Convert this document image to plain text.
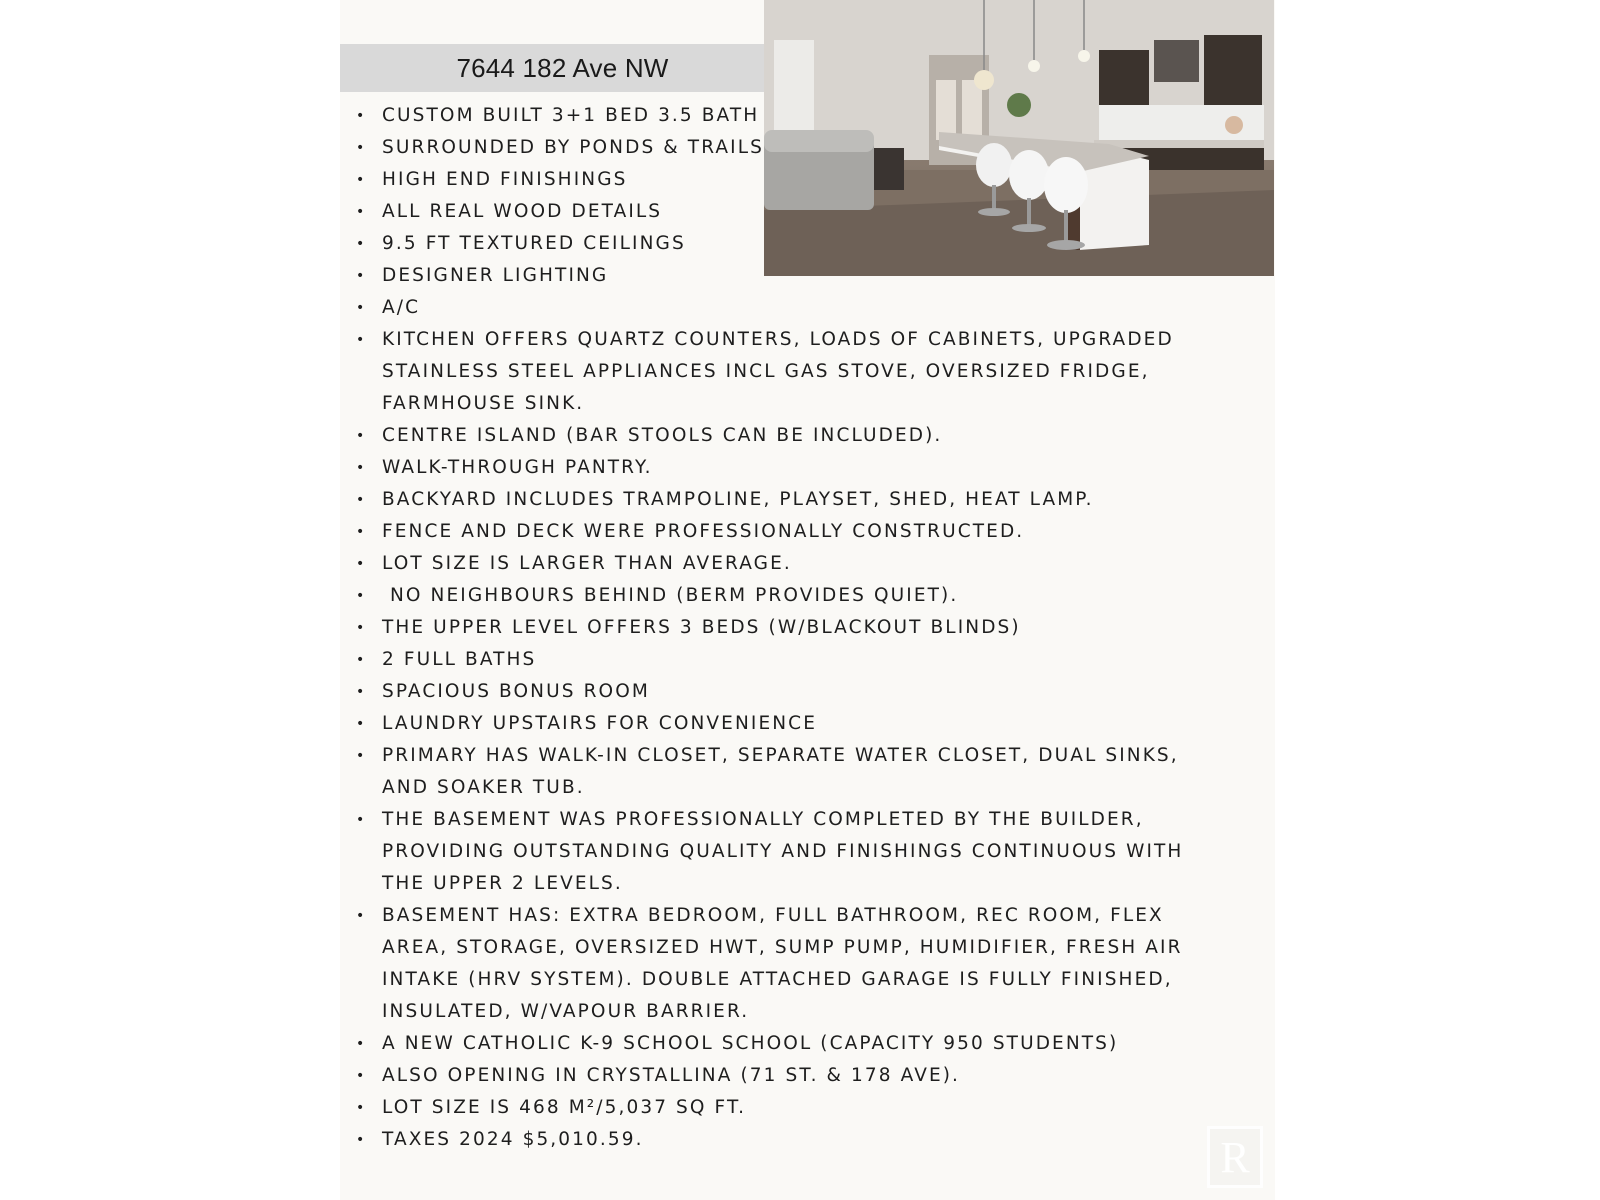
7644 182 Ave NW
• CUSTOM BUILT 3+1 BED 3.5 BATH
• SURROUNDED BY PONDS & TRAILS
• HIGH END FINISHINGS
• ALL REAL WOOD DETAILS
• 9.5 FT TEXTURED CEILINGS
• DESIGNER LIGHTING
• A/C
• KITCHEN OFFERS QUARTZ COUNTERS, LOADS OF CABINETS, UPGRADED STAINLESS STEEL APPLIANCES INCL GAS STOVE, OVERSIZED FRIDGE, FARMHOUSE SINK.
• CENTRE ISLAND (BAR STOOLS CAN BE INCLUDED).
• WALK-THROUGH PANTRY.
• BACKYARD INCLUDES TRAMPOLINE, PLAYSET, SHED, HEAT LAMP.
• FENCE AND DECK WERE PROFESSIONALLY CONSTRUCTED.
• LOT SIZE IS LARGER THAN AVERAGE.
• NO NEIGHBOURS BEHIND (BERM PROVIDES QUIET).
• THE UPPER LEVEL OFFERS 3 BEDS (W/BLACKOUT BLINDS)
• 2 FULL BATHS
• SPACIOUS BONUS ROOM
• LAUNDRY UPSTAIRS FOR CONVENIENCE
• PRIMARY HAS WALK-IN CLOSET, SEPARATE WATER CLOSET, DUAL SINKS, AND SOAKER TUB.
• THE BASEMENT WAS PROFESSIONALLY COMPLETED BY THE BUILDER, PROVIDING OUTSTANDING QUALITY AND FINISHINGS CONTINUOUS WITH THE UPPER 2 LEVELS.
• BASEMENT HAS: EXTRA BEDROOM, FULL BATHROOM, REC ROOM, FLEX AREA, STORAGE, OVERSIZED HWT, SUMP PUMP, HUMIDIFIER, FRESH AIR INTAKE (HRV SYSTEM). DOUBLE ATTACHED GARAGE IS FULLY FINISHED, INSULATED, W/VAPOUR BARRIER.
• A NEW CATHOLIC K-9 SCHOOL SCHOOL (CAPACITY 950 STUDENTS)
• ALSO OPENING IN CRYSTALLINA (71 ST. & 178 AVE).
• LOT SIZE IS 468 M²/5,037 SQ FT.
• TAXES 2024 $5,010.59.	R
